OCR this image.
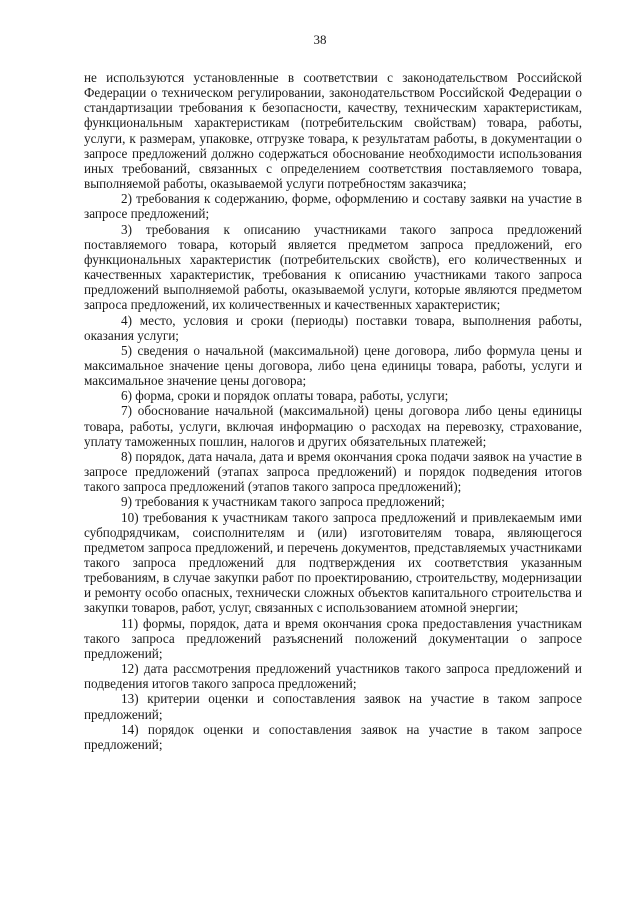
38

не используются установленные в соответствии с законодательством Российской Федерации о техническом регулировании, законодательством Российской Федерации о стандартизации требования к безопасности, качеству, техническим характеристикам, функциональным характеристикам (потребительским свойствам) товара, работы, услуги, к размерам, упаковке, отгрузке товара, к результатам работы, в документации о запросе предложений должно содержаться обоснование необходимости использования иных требований, связанных с определением соответствия поставляемого товара, выполняемой работы, оказываемой услуги потребностям заказчика;

2) требования к содержанию, форме, оформлению и составу заявки на участие в запросе предложений;

3) требования к описанию участниками такого запроса предложений поставляемого товара, который является предметом запроса предложений, его функциональных характеристик (потребительских свойств), его количественных и качественных характеристик, требования к описанию участниками такого запроса предложений выполняемой работы, оказываемой услуги, которые являются предметом запроса предложений, их количественных и качественных характеристик;

4) место, условия и сроки (периоды) поставки товара, выполнения работы, оказания услуги;

5) сведения о начальной (максимальной) цене договора, либо формула цены и максимальное значение цены договора, либо цена единицы товара, работы, услуги и максимальное значение цены договора;

6) форма, сроки и порядок оплаты товара, работы, услуги;

7) обоснование начальной (максимальной) цены договора либо цены единицы товара, работы, услуги, включая информацию о расходах на перевозку, страхование, уплату таможенных пошлин, налогов и других обязательных платежей;

8) порядок, дата начала, дата и время окончания срока подачи заявок на участие в запросе предложений (этапах запроса предложений) и порядок подведения итогов такого запроса предложений (этапов такого запроса предложений);

9) требования к участникам такого запроса предложений;

10) требования к участникам такого запроса предложений и привлекаемым ими субподрядчикам, соисполнителям и (или) изготовителям товара, являющегося предметом запроса предложений, и перечень документов, представляемых участниками такого запроса предложений для подтверждения их соответствия указанным требованиям, в случае закупки работ по проектированию, строительству, модернизации и ремонту особо опасных, технически сложных объектов капитального строительства и закупки товаров, работ, услуг, связанных с использованием атомной энергии;

11) формы, порядок, дата и время окончания срока предоставления участникам такого запроса предложений разъяснений положений документации о запросе предложений;

12) дата рассмотрения предложений участников такого запроса предложений и подведения итогов такого запроса предложений;

13) критерии оценки и сопоставления заявок на участие в таком запросе предложений;

14) порядок оценки и сопоставления заявок на участие в таком запросе предложений;
